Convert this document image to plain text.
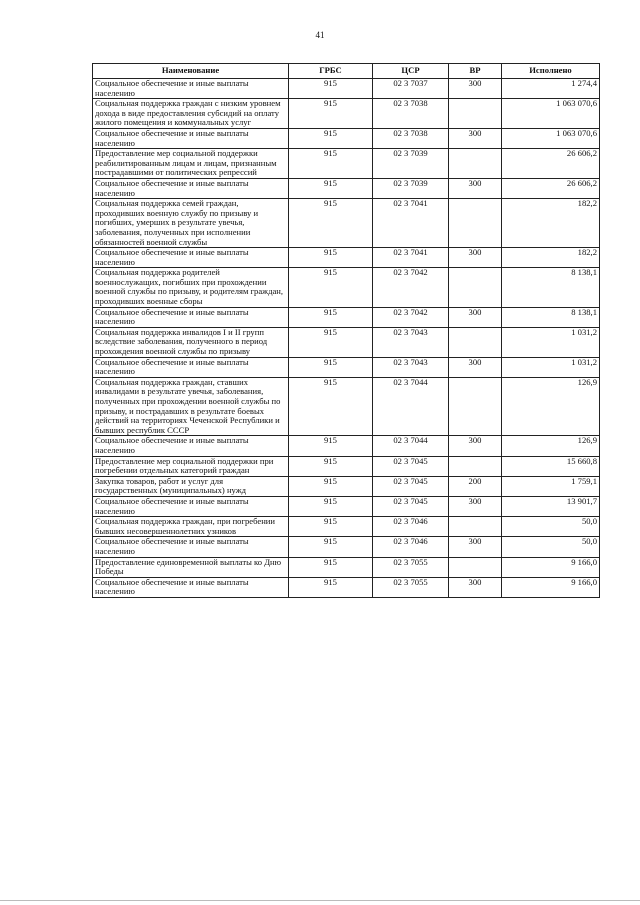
41
Наименование	ГРБС	ЦСР	ВР	Исполнено
Социальное обеспечение и иные выплаты населению	915	02 3 7037	300	1 274,4
Социальная поддержка граждан с низким уровнем дохода в виде предоставления субсидий на оплату жилого помещения и коммунальных услуг	915	02 3 7038		1 063 070,6
Социальное обеспечение и иные выплаты населению	915	02 3 7038	300	1 063 070,6
Предоставление мер социальной поддержки реабилитированным лицам и лицам, признанным пострадавшими от политических репрессий	915	02 3 7039		26 606,2
Социальное обеспечение и иные выплаты населению	915	02 3 7039	300	26 606,2
Социальная поддержка семей граждан, проходивших военную службу по призыву и погибших, умерших в результате увечья, заболевания, полученных при исполнении обязанностей военной службы	915	02 3 7041		182,2
Социальное обеспечение и иные выплаты населению	915	02 3 7041	300	182,2
Социальная поддержка родителей военнослужащих, погибших при прохождении военной службы по призыву, и родителям граждан, проходивших военные сборы	915	02 3 7042		8 138,1
Социальное обеспечение и иные выплаты населению	915	02 3 7042	300	8 138,1
Социальная поддержка инвалидов I и II групп вследствие заболевания, полученного в период прохождения военной службы по призыву	915	02 3 7043		1 031,2
Социальное обеспечение и иные выплаты населению	915	02 3 7043	300	1 031,2
Социальная поддержка граждан, ставших инвалидами в результате увечья, заболевания, полученных при прохождении военной службы по призыву, и пострадавших в результате боевых действий на территориях Чеченской Республики и бывших республик СССР	915	02 3 7044		126,9
Социальное обеспечение и иные выплаты населению	915	02 3 7044	300	126,9
Предоставление мер социальной поддержки при погребении отдельных категорий граждан	915	02 3 7045		15 660,8
Закупка товаров, работ и услуг для государственных (муниципальных) нужд	915	02 3 7045	200	1 759,1
Социальное обеспечение и иные выплаты населению	915	02 3 7045	300	13 901,7
Социальная поддержка граждан, при погребении бывших несовершеннолетних узников	915	02 3 7046		50,0
Социальное обеспечение и иные выплаты населению	915	02 3 7046	300	50,0
Предоставление единовременной выплаты ко Дню Победы	915	02 3 7055		9 166,0
Социальное обеспечение и иные выплаты населению	915	02 3 7055	300	9 166,0
